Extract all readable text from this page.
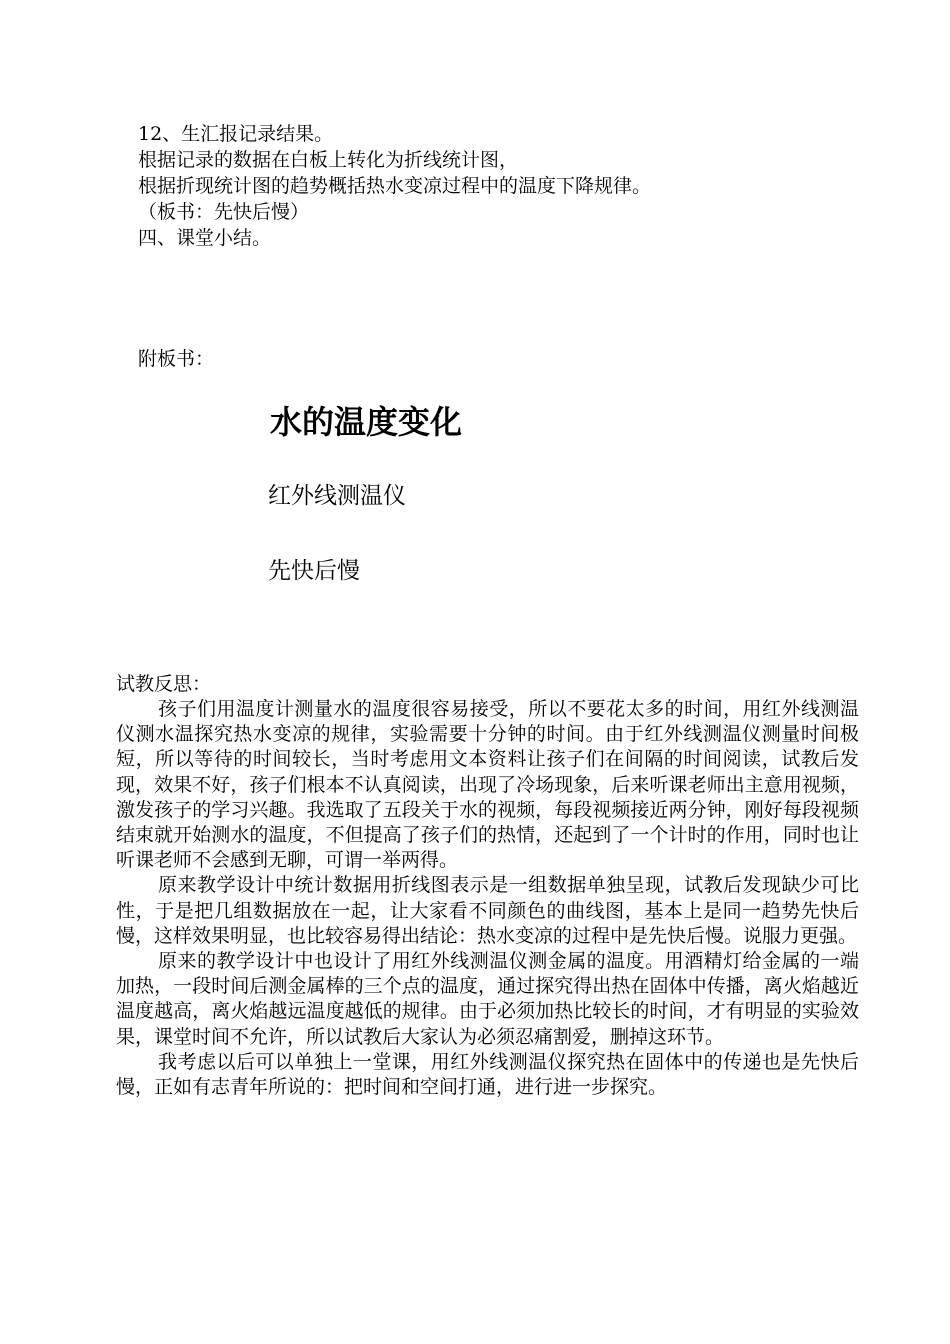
12、生汇报记录结果。
根据记录的数据在白板上转化为折线统计图，
根据折现统计图的趋势概括热水变凉过程中的温度下降规律。
（板书：先快后慢）
四、课堂小结。
附板书：
水的温度变化
红外线测温仪
先快后慢
试教反思：

孩子们用温度计测量水的温度很容易接受，所以不要花太多的时间，用红外线测温仪测水温探究热水变凉的规律，实验需要十分钟的时间。由于红外线测温仪测量时间极短，所以等待的时间较长，当时考虑用文本资料让孩子们在间隔的时间阅读，试教后发现，效果不好，孩子们根本不认真阅读，出现了冷场现象，后来听课老师出主意用视频，激发孩子的学习兴趣。我选取了五段关于水的视频，每段视频接近两分钟，刚好每段视频结束就开始测水的温度，不但提高了孩子们的热情，还起到了一个计时的作用，同时也让听课老师不会感到无聊，可谓一举两得。

原来教学设计中统计数据用折线图表示是一组数据单独呈现，试教后发现缺少可比性，于是把几组数据放在一起，让大家看不同颜色的曲线图，基本上是同一趋势先快后慢，这样效果明显，也比较容易得出结论：热水变凉的过程中是先快后慢。说服力更强。

原来的教学设计中也设计了用红外线测温仪测金属的温度。用酒精灯给金属的一端加热，一段时间后测金属棒的三个点的温度，通过探究得出热在固体中传播，离火焰越近温度越高，离火焰越远温度越低的规律。由于必须加热比较长的时间，才有明显的实验效果，课堂时间不允许，所以试教后大家认为必须忍痛割爱，删掉这环节。

我考虑以后可以单独上一堂课，用红外线测温仪探究热在固体中的传递也是先快后慢，正如有志青年所说的：把时间和空间打通，进行进一步探究。
